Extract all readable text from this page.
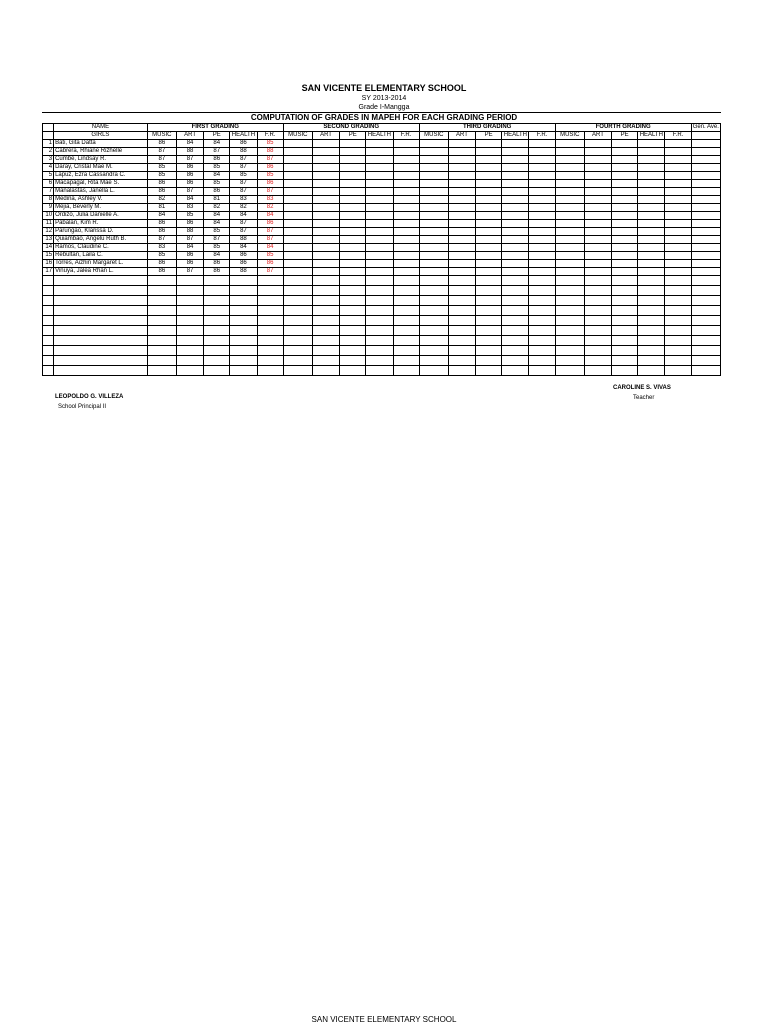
SAN VICENTE ELEMENTARY SCHOOL
SY 2013-2014
Grade I-Mangga
COMPUTATION OF GRADES IN MAPEH FOR EACH GRADING PERIOD
	NAME	FIRST GRADING					SECOND GRADING					THIRD GRADING					FOURTH GRADING					Gen. Ave.
	GIRLS	MUSIC	ART	PE	HEALTH	F.R.	MUSIC	ART	PE	HEALTH	F.R.	MUSIC	ART	PE	HEALTH	F.R.	MUSIC	ART	PE	HEALTH	F.R.	
1	Bati, Gita Datta	86	84	84	86	85																
2	Cabrera, Rhiane Rizhelle	87	88	87	88	88																
3	Cumbe, Lindsay R.	87	87	86	87	87																
4	Daray, Cristal Mae M.	85	86	85	87	86																
5	Lapuz, Ezra Cassandra C.	85	86	84	85	85																
6	Macapagal, Rita Mae S.	86	86	85	87	86																
7	Manalastas, Janella L.	86	87	86	87	87																
8	Medina, Ashley V.	82	84	81	83	83																
9	Mejia, Beverly M.	81	83	82	82	82																
10	Ordizo, Julia Danielle A.	84	85	84	84	84																
11	Pabalan, Kim R.	86	86	84	87	86																
12	Parungao, Klarissa D.	86	88	85	87	87																
13	Quiambao, Angelu Ruth B.	87	87	87	88	87																
14	Ramos, Claudine C.	83	84	85	84	84																
15	Rebultan, Laila C.	85	86	84	86	85																
16	Torres, Aizhin Margaret L.	86	86	86	86	86																
17	Vinuya, Jalea Rhan L.	86	87	86	88	87																

CAROLINE S. VIVAS
Teacher
LEOPOLDO G. VILLEZA
School Principal II
SAN VICENTE ELEMENTARY SCHOOL
